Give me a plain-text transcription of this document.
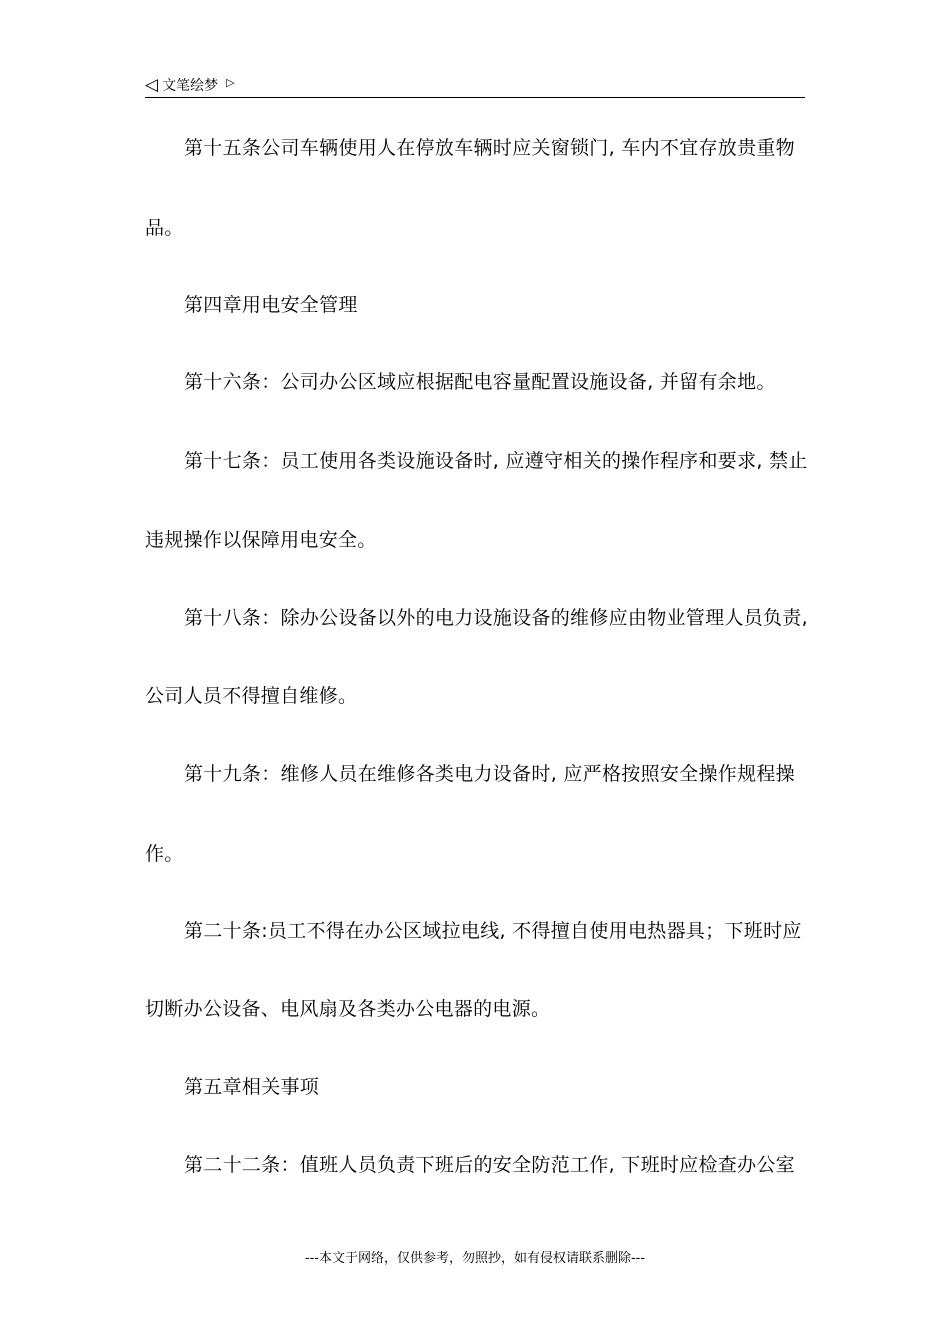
◁ 文笔绘梦 ▷
第十五条公司车辆使用人在停放车辆时应关窗锁门, 车内不宜存放贵重物
品。
第四章用电安全管理
第十六条：公司办公区域应根据配电容量配置设施设备, 并留有余地。
第十七条：员工使用各类设施设备时, 应遵守相关的操作程序和要求, 禁止
违规操作以保障用电安全。
第十八条：除办公设备以外的电力设施设备的维修应由物业管理人员负责,
公司人员不得擅自维修。
第十九条：维修人员在维修各类电力设备时, 应严格按照安全操作规程操
作。
第二十条:员工不得在办公区域拉电线, 不得擅自使用电热器具；下班时应
切断办公设备、电风扇及各类办公电器的电源。
第五章相关事项
第二十二条：值班人员负责下班后的安全防范工作, 下班时应检查办公室
---本文于网络，仅供参考，勿照抄，如有侵权请联系删除---
